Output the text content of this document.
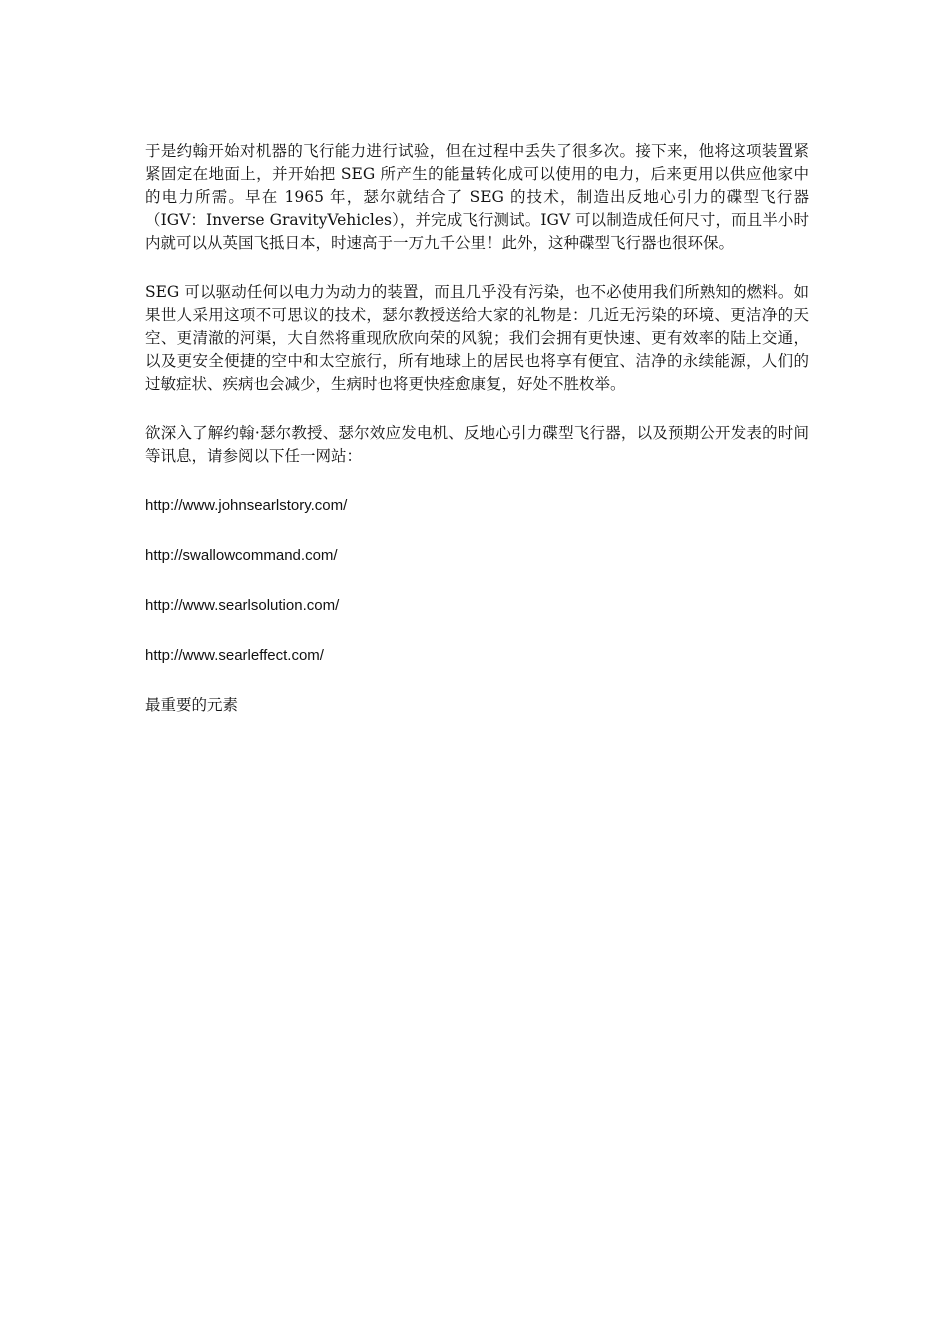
于是约翰开始对机器的飞行能力进行试验，但在过程中丢失了很多次。接下来，他将这项装置紧紧固定在地面上，并开始把 SEG 所产生的能量转化成可以使用的电力，后来更用以供应他家中的电力所需。早在 1965 年，瑟尔就结合了 SEG 的技术，制造出反地心引力的碟型飞行器（IGV：Inverse GravityVehicles），并完成飞行测试。IGV 可以制造成任何尺寸，而且半小时内就可以从英国飞抵日本，时速高于一万九千公里！此外，这种碟型飞行器也很环保。

SEG 可以驱动任何以电力为动力的装置，而且几乎没有污染，也不必使用我们所熟知的燃料。如果世人采用这项不可思议的技术，瑟尔教授送给大家的礼物是：几近无污染的环境、更洁净的天空、更清澈的河渠，大自然将重现欣欣向荣的风貌；我们会拥有更快速、更有效率的陆上交通，以及更安全便捷的空中和太空旅行，所有地球上的居民也将享有便宜、洁净的永续能源，人们的过敏症状、疾病也会减少，生病时也将更快痊愈康复，好处不胜枚举。

欲深入了解约翰·瑟尔教授、瑟尔效应发电机、反地心引力碟型飞行器，以及预期公开发表的时间等讯息，请参阅以下任一网站：

http://www.johnsearlstory.com/
http://swallowcommand.com/
http://www.searlsolution.com/
http://www.searleffect.com/

最重要的元素
